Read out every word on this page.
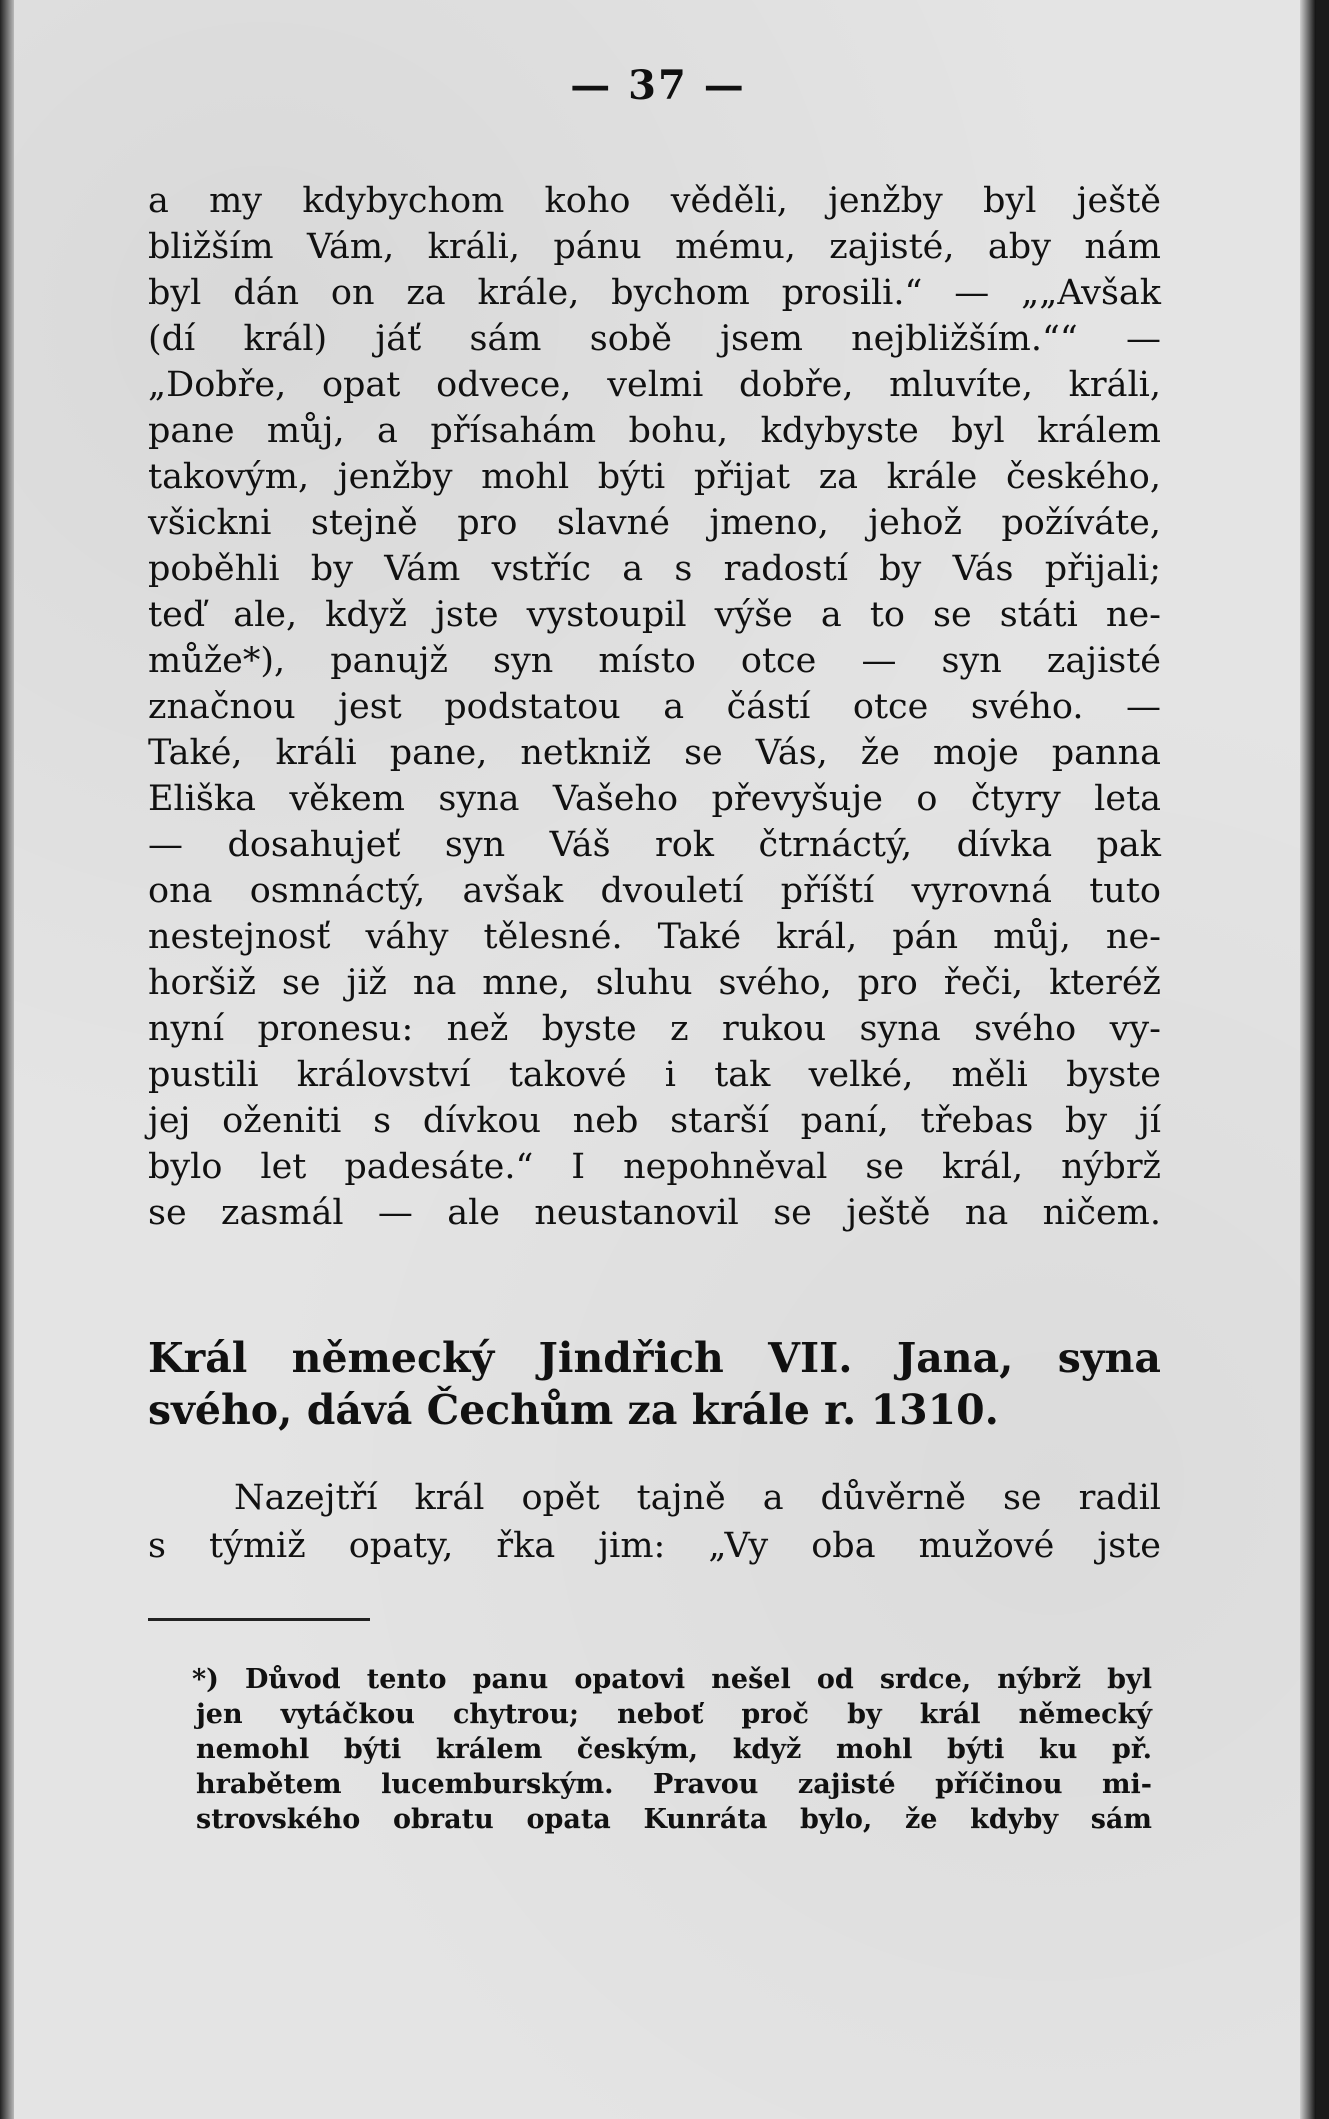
— 37 —
a my kdybychom koho věděli, jenžby byl ještě
bližším Vám, králi, pánu mému, zajisté, aby nám
byl dán on za krále, bychom prosili.“ — „„Avšak
(dí král) jáť sám sobě jsem nejbližším.““ —
„Dobře, opat odvece, velmi dobře, mluvíte, králi,
pane můj, a přísahám bohu, kdybyste byl králem
takovým, jenžby mohl býti přijat za krále českého,
všickni stejně pro slavné jmeno, jehož požíváte,
poběhli by Vám vstříc a s radostí by Vás přijali;
teď ale, když jste vystoupil výše a to se státi ne-
může*), panujž syn místo otce — syn zajisté
značnou jest podstatou a částí otce svého. —
Také, králi pane, netkniž se Vás, že moje panna
Eliška věkem syna Vašeho převyšuje o čtyry leta
— dosahujeť syn Váš rok čtrnáctý, dívka pak
ona osmnáctý, avšak dvouletí příští vyrovná tuto
nestejnosť váhy tělesné. Také král, pán můj, ne-
horšiž se již na mne, sluhu svého, pro řeči, kteréž
nyní pronesu: než byste z rukou syna svého vy-
pustili království takové i tak velké, měli byste
jej oženiti s dívkou neb starší paní, třebas by jí
bylo let padesáte.“ I nepohněval se král, nýbrž
se zasmál — ale neustanovil se ještě na ničem.
Král německý Jindřich VII. Jana, syna
svého, dává Čechům za krále r. 1310.
Nazejtří král opět tajně a důvěrně se radil
s týmiž opaty, řka jim: „Vy oba mužové jste
*) Důvod tento panu opatovi nešel od srdce, nýbrž byl
jen vytáčkou chytrou; neboť proč by král německý
nemohl býti králem českým, když mohl býti ku př.
hrabětem lucemburským. Pravou zajisté příčinou mi-
strovského obratu opata Kunráta bylo, že kdyby sám
